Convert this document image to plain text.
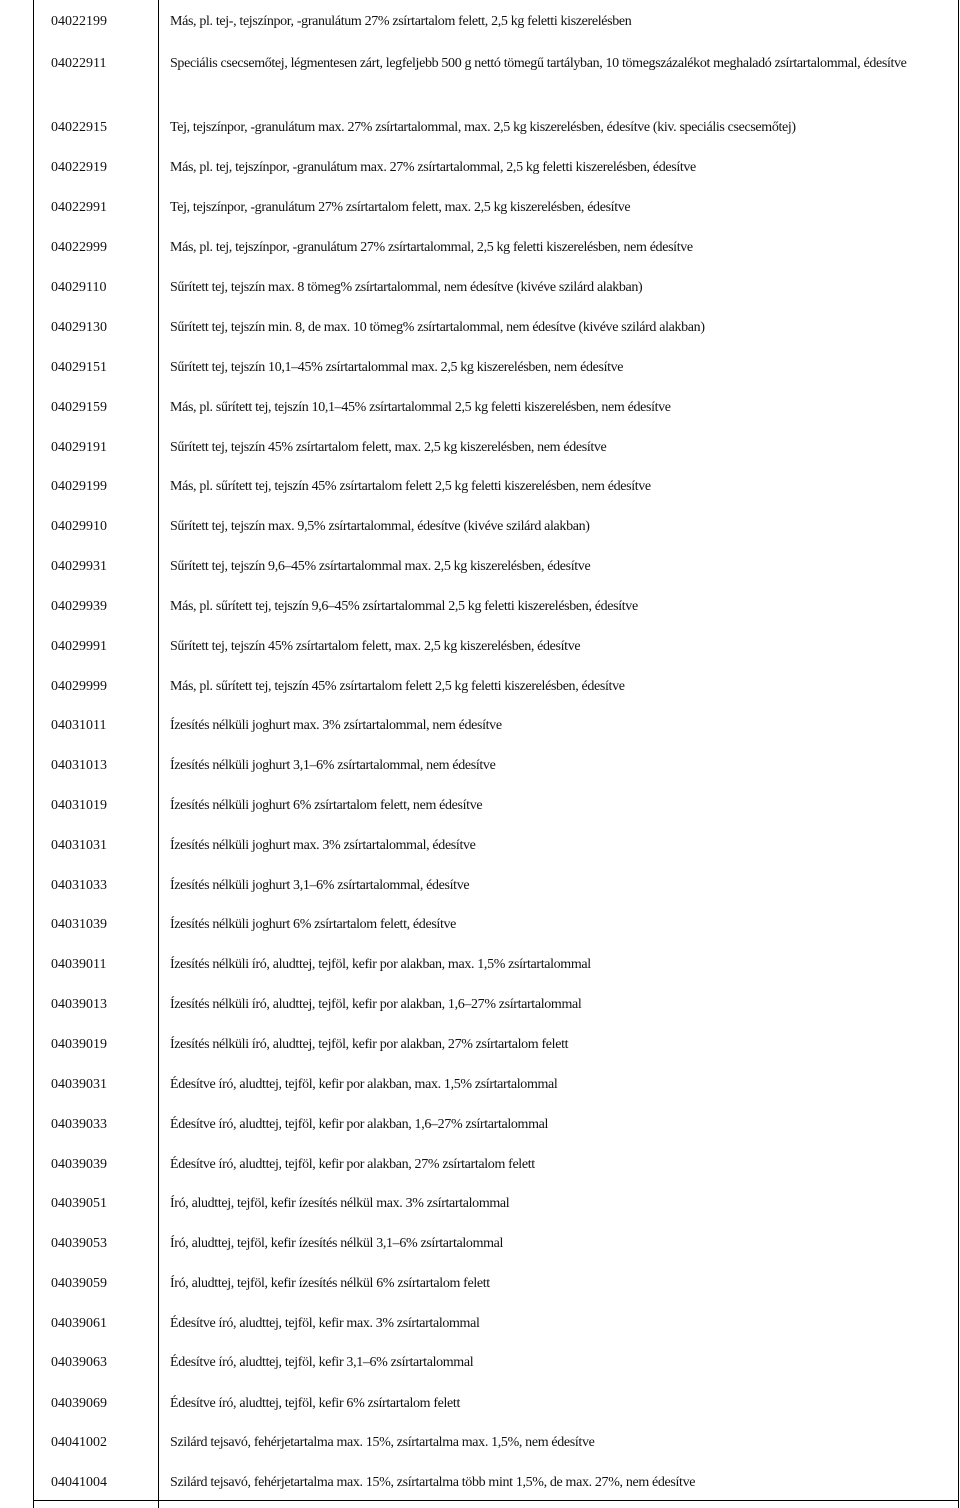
04022199	Más, pl. tej-, tejszínpor, -granulátum 27% zsírtartalom felett, 2,5 kg feletti kiszerelésben
04022911	Speciális csecsemőtej, légmentesen zárt, legfeljebb 500 g nettó tömegű tartályban, 10 tömegszázalékot meghaladó zsírtartalommal, édesítve
04022915	Tej, tejszínpor, -granulátum max. 27% zsírtartalommal, max. 2,5 kg kiszerelésben, édesítve (kiv. speciális csecsemőtej)
04022919	Más, pl. tej, tejszínpor, -granulátum max. 27% zsírtartalommal, 2,5 kg feletti kiszerelésben, édesítve
04022991	Tej, tejszínpor, -granulátum 27% zsírtartalom felett, max. 2,5 kg kiszerelésben, édesítve
04022999	Más, pl. tej, tejszínpor, -granulátum 27% zsírtartalommal, 2,5 kg feletti kiszerelésben, nem édesítve
04029110	Sűrített tej, tejszín max. 8 tömeg% zsírtartalommal, nem édesítve (kivéve szilárd alakban)
04029130	Sűrített tej, tejszín min. 8, de max. 10 tömeg% zsírtartalommal, nem édesítve (kivéve szilárd alakban)
04029151	Sűrített tej, tejszín 10,1–45% zsírtartalommal max. 2,5 kg kiszerelésben, nem édesítve
04029159	Más, pl. sűrített tej, tejszín 10,1–45% zsírtartalommal 2,5 kg feletti kiszerelésben, nem édesítve
04029191	Sűrített tej, tejszín 45% zsírtartalom felett, max. 2,5 kg kiszerelésben, nem édesítve
04029199	Más, pl. sűrített tej, tejszín 45% zsírtartalom felett 2,5 kg feletti kiszerelésben, nem édesítve
04029910	Sűrített tej, tejszín max. 9,5% zsírtartalommal, édesítve (kivéve szilárd alakban)
04029931	Sűrített tej, tejszín 9,6–45% zsírtartalommal max. 2,5 kg kiszerelésben, édesítve
04029939	Más, pl. sűrített tej, tejszín 9,6–45% zsírtartalommal 2,5 kg feletti kiszerelésben, édesítve
04029991	Sűrített tej, tejszín 45% zsírtartalom felett, max. 2,5 kg kiszerelésben, édesítve
04029999	Más, pl. sűrített tej, tejszín 45% zsírtartalom felett 2,5 kg feletti kiszerelésben, édesítve
04031011	Ízesítés nélküli joghurt max. 3% zsírtartalommal, nem édesítve
04031013	Ízesítés nélküli joghurt 3,1–6% zsírtartalommal, nem édesítve
04031019	Ízesítés nélküli joghurt 6% zsírtartalom felett, nem édesítve
04031031	Ízesítés nélküli joghurt max. 3% zsírtartalommal, édesítve
04031033	Ízesítés nélküli joghurt 3,1–6% zsírtartalommal, édesítve
04031039	Ízesítés nélküli joghurt 6% zsírtartalom felett, édesítve
04039011	Ízesítés nélküli író, aludttej, tejföl, kefir por alakban, max. 1,5% zsírtartalommal
04039013	Ízesítés nélküli író, aludttej, tejföl, kefir por alakban, 1,6–27% zsírtartalommal
04039019	Ízesítés nélküli író, aludttej, tejföl, kefir por alakban, 27% zsírtartalom felett
04039031	Édesítve író, aludttej, tejföl, kefir por alakban, max. 1,5% zsírtartalommal
04039033	Édesítve író, aludttej, tejföl, kefir por alakban, 1,6–27% zsírtartalommal
04039039	Édesítve író, aludttej, tejföl, kefir por alakban, 27% zsírtartalom felett
04039051	Író, aludttej, tejföl, kefir ízesítés nélkül max. 3% zsírtartalommal
04039053	Író, aludttej, tejföl, kefir ízesítés nélkül 3,1–6% zsírtartalommal
04039059	Író, aludttej, tejföl, kefir ízesítés nélkül 6% zsírtartalom felett
04039061	Édesítve író, aludttej, tejföl, kefir max. 3% zsírtartalommal
04039063	Édesítve író, aludttej, tejföl, kefir 3,1–6% zsírtartalommal
04039069	Édesítve író, aludttej, tejföl, kefir 6% zsírtartalom felett
04041002	Szilárd tejsavó, fehérjetartalma max. 15%, zsírtartalma max. 1,5%, nem édesítve
04041004	Szilárd tejsavó, fehérjetartalma max. 15%, zsírtartalma több mint 1,5%, de max. 27%, nem édesítve
